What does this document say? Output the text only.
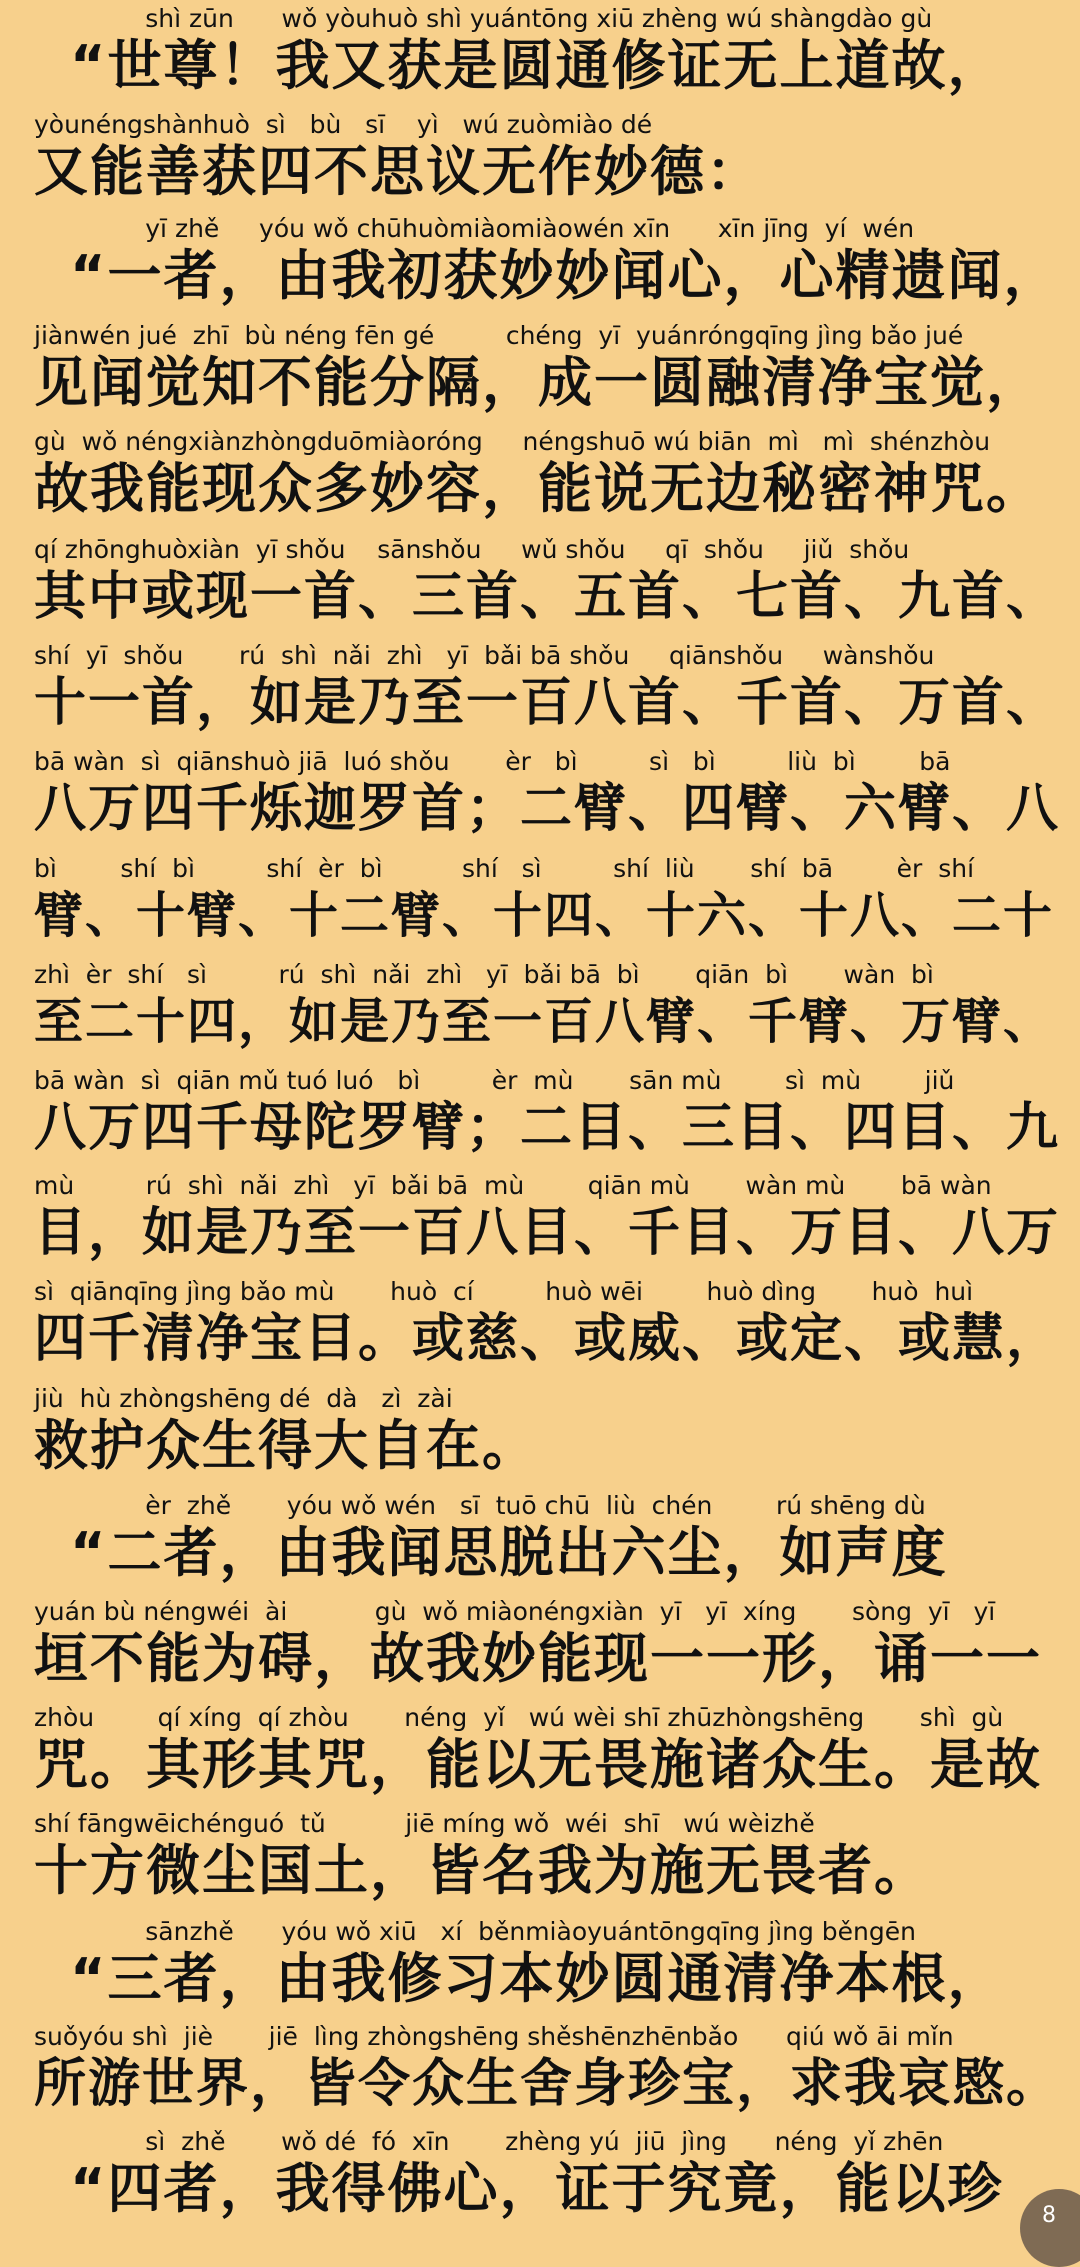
shì zūn      wǒ yòuhuò shì yuántōng xiū zhèng wú shàngdào gù
“世尊！我又获是圆通修证无上道故，
yòunéngshànhuò  sì   bù   sī    yì   wú zuòmiào dé
又能善获四不思议无作妙德：
yī zhě     yóu wǒ chūhuòmiàomiàowén xīn      xīn jīng  yí  wén
“一者，由我初获妙妙闻心，心精遗闻，
jiànwén jué  zhī  bù néng fēn gé         chéng  yī  yuánróngqīng jìng bǎo jué
见闻觉知不能分隔，成一圆融清净宝觉，
gù  wǒ néngxiànzhòngduōmiàoróng     néngshuō wú biān  mì   mì  shénzhòu
故我能现众多妙容，能说无边秘密神咒。
qí zhōnghuòxiàn  yī shǒu    sānshǒu     wǔ shǒu     qī  shǒu     jiǔ  shǒu
其中或现一首、三首、五首、七首、九首、
shí  yī  shǒu       rú  shì  nǎi  zhì   yī  bǎi bā shǒu     qiānshǒu     wànshǒu
十一首，如是乃至一百八首、千首、万首、
bā wàn  sì  qiānshuò jiā  luó shǒu       èr   bì         sì   bì         liù  bì        bā
八万四千烁迦罗首；二臂、四臂、六臂、八
bì        shí  bì         shí  èr  bì          shí   sì         shí  liù       shí  bā        èr  shí
臂、十臂、十二臂、十四、十六、十八、二十
zhì  èr  shí   sì         rú  shì  nǎi  zhì   yī  bǎi bā  bì       qiān  bì       wàn  bì
至二十四，如是乃至一百八臂、千臂、万臂、
bā wàn  sì  qiān mǔ tuó luó   bì         èr  mù       sān mù        sì  mù        jiǔ
八万四千母陀罗臂；二目、三目、四目、九
mù         rú  shì  nǎi  zhì   yī  bǎi bā  mù        qiān mù       wàn mù       bā wàn
目，如是乃至一百八目、千目、万目、八万
sì  qiānqīng jìng bǎo mù       huò  cí         huò wēi        huò dìng       huò  huì
四千清净宝目。或慈、或威、或定、或慧，
jiù  hù zhòngshēng dé  dà   zì  zài
救护众生得大自在。
èr  zhě       yóu wǒ wén   sī  tuō chū  liù  chén        rú shēng dù
“二者，由我闻思脱出六尘，如声度
yuán bù néngwéi  ài           gù  wǒ miàonéngxiàn  yī   yī  xíng       sòng  yī   yī
垣不能为碍，故我妙能现一一形，诵一一
zhòu        qí xíng  qí zhòu       néng  yǐ   wú wèi shī zhūzhòngshēng       shì  gù
咒。其形其咒，能以无畏施诸众生。是故
shí fāngwēichénguó  tǔ          jiē míng wǒ  wéi  shī   wú wèizhě
十方微尘国土，皆名我为施无畏者。
sānzhě      yóu wǒ xiū   xí  běnmiàoyuántōngqīng jìng běngēn
“三者，由我修习本妙圆通清净本根，
suǒyóu shì  jiè       jiē  lìng zhòngshēng shěshēnzhēnbǎo      qiú wǒ āi mǐn
所游世界，皆令众生舍身珍宝，求我哀愍。
sì  zhě       wǒ dé  fó  xīn       zhèng yú  jiū  jìng      néng  yǐ zhēn
“四者，我得佛心，证于究竟，能以珍	8
